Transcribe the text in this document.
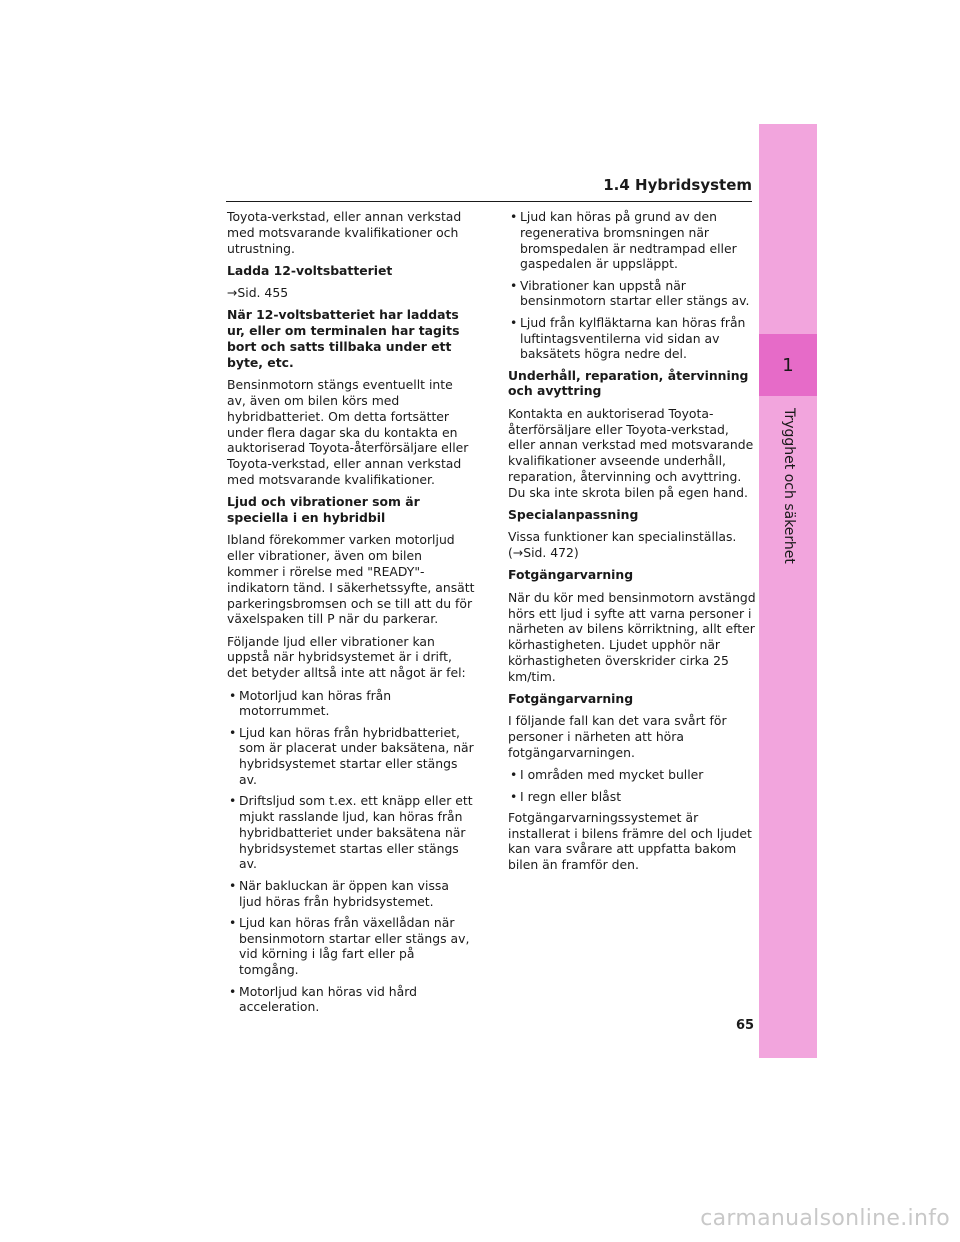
1.4 Hybridsystem
1
Trygghet och säkerhet

Toyota-verkstad, eller annan verkstad med motsvarande kvalifikationer och utrustning.

Ladda 12-voltsbatteriet

→Sid. 455

När 12-voltsbatteriet har laddats ur, eller om terminalen har tagits bort och satts tillbaka under ett byte, etc.

Bensinmotorn stängs eventuellt inte av, även om bilen körs med hybridbatteriet. Om detta fortsätter under flera dagar ska du kontakta en auktoriserad Toyota-återförsäljare eller Toyota-verkstad, eller annan verkstad med motsvarande kvalifikationer.

Ljud och vibrationer som är speciella i en hybridbil

Ibland förekommer varken motorljud eller vibrationer, även om bilen kommer i rörelse med "READY"-indikatorn tänd. I säkerhetssyfte, ansätt parkeringsbromsen och se till att du för växelspaken till P när du parkerar.

Följande ljud eller vibrationer kan uppstå när hybridsystemet är i drift, det betyder alltså inte att något är fel:

• Motorljud kan höras från motorrummet.
• Ljud kan höras från hybridbatteriet, som är placerat under baksätena, när hybridsystemet startar eller stängs av.
• Driftsljud som t.ex. ett knäpp eller ett mjukt rasslande ljud, kan höras från hybridbatteriet under baksätena när hybridsystemet startas eller stängs av.
• När bakluckan är öppen kan vissa ljud höras från hybridsystemet.
• Ljud kan höras från växellådan när bensinmotorn startar eller stängs av, vid körning i låg fart eller på tomgång.
• Motorljud kan höras vid hård acceleration.
• Ljud kan höras på grund av den regenerativa bromsningen när bromspedalen är nedtrampad eller gaspedalen är uppsläppt.
• Vibrationer kan uppstå när bensinmotorn startar eller stängs av.
• Ljud från kylfläktarna kan höras från luftintagsventilerna vid sidan av baksätets högra nedre del.

Underhåll, reparation, återvinning och avyttring

Kontakta en auktoriserad Toyota-återförsäljare eller Toyota-verkstad, eller annan verkstad med motsvarande kvalifikationer avseende underhåll, reparation, återvinning och avyttring. Du ska inte skrota bilen på egen hand.

Specialanpassning

Vissa funktioner kan specialinställas. (→Sid. 472)

Fotgängarvarning

När du kör med bensinmotorn avstängd hörs ett ljud i syfte att varna personer i närheten av bilens körriktning, allt efter körhastigheten. Ljudet upphör när körhastigheten överskrider cirka 25 km/tim.

Fotgängarvarning

I följande fall kan det vara svårt för personer i närheten att höra fotgängarvarningen.

• I områden med mycket buller
• I regn eller blåst

Fotgängarvarningssystemet är installerat i bilens främre del och ljudet kan vara svårare att uppfatta bakom bilen än framför den.

65
carmanualsonline.info
